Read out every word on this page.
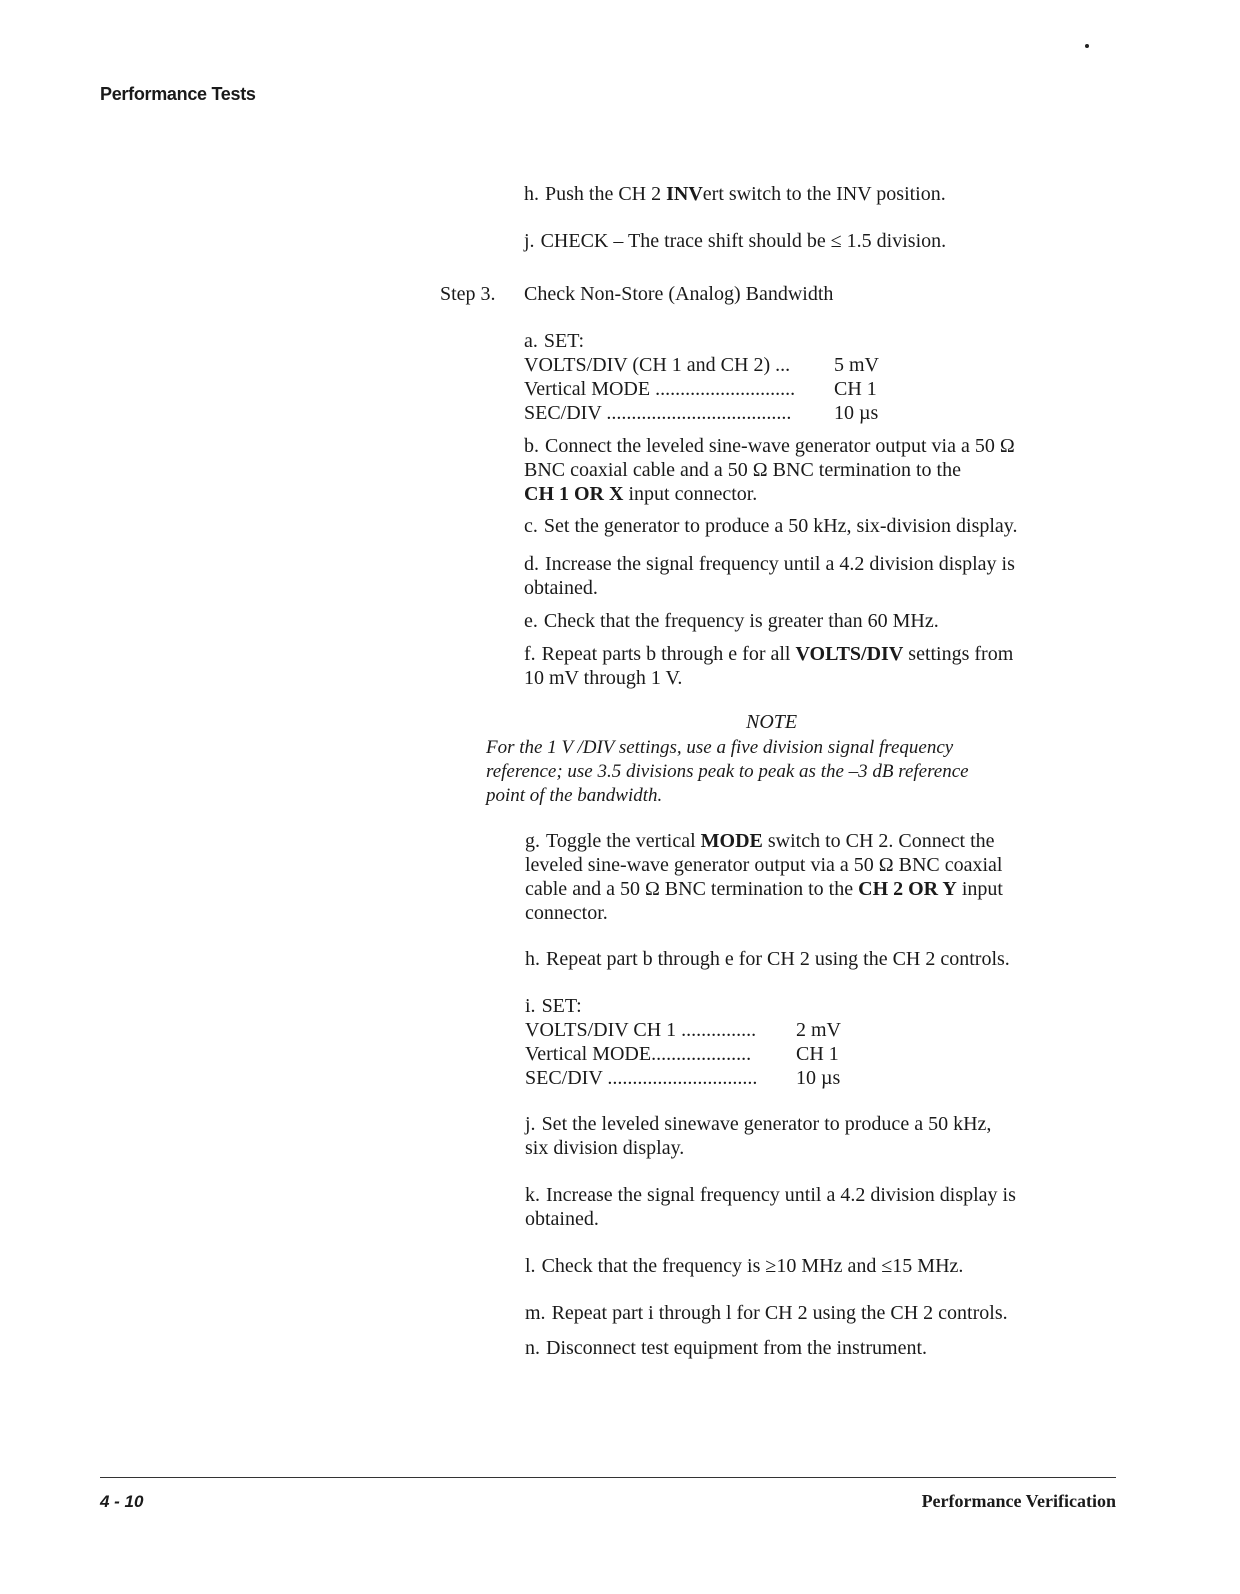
Performance Tests
h. Push the CH 2 INVert switch to the INV position.
j. CHECK – The trace shift should be ≤ 1.5 division.
Step 3. Check Non-Store (Analog) Bandwidth
a. SET:
VOLTS/DIV (CH 1 and CH 2) ... 5 mV
Vertical MODE ............................ CH 1
SEC/DIV ..................................... 10 µs
b. Connect the leveled sine-wave generator output via a 50 Ω
BNC coaxial cable and a 50 Ω BNC termination to the
CH 1 OR X input connector.
c. Set the generator to produce a 50 kHz, six-division display.
d. Increase the signal frequency until a 4.2 division display is
obtained.
e. Check that the frequency is greater than 60 MHz.
f. Repeat parts b through e for all VOLTS/DIV settings from
10 mV through 1 V.
NOTE
For the 1 V /DIV settings, use a five division signal frequency
reference; use 3.5 divisions peak to peak as the –3 dB reference
point of the bandwidth.
g. Toggle the vertical MODE switch to CH 2. Connect the
leveled sine-wave generator output via a 50 Ω BNC coaxial
cable and a 50 Ω BNC termination to the CH 2 OR Y input
connector.
h. Repeat part b through e for CH 2 using the CH 2 controls.
i. SET:
VOLTS/DIV CH 1 ............... 2 mV
Vertical MODE.................... CH 1
SEC/DIV .............................. 10 µs
j. Set the leveled sinewave generator to produce a 50 kHz,
six division display.
k. Increase the signal frequency until a 4.2 division display is
obtained.
l. Check that the frequency is ≥10 MHz and ≤15 MHz.
m. Repeat part i through l for CH 2 using the CH 2 controls.
n. Disconnect test equipment from the instrument.
4 - 10	Performance Verification
